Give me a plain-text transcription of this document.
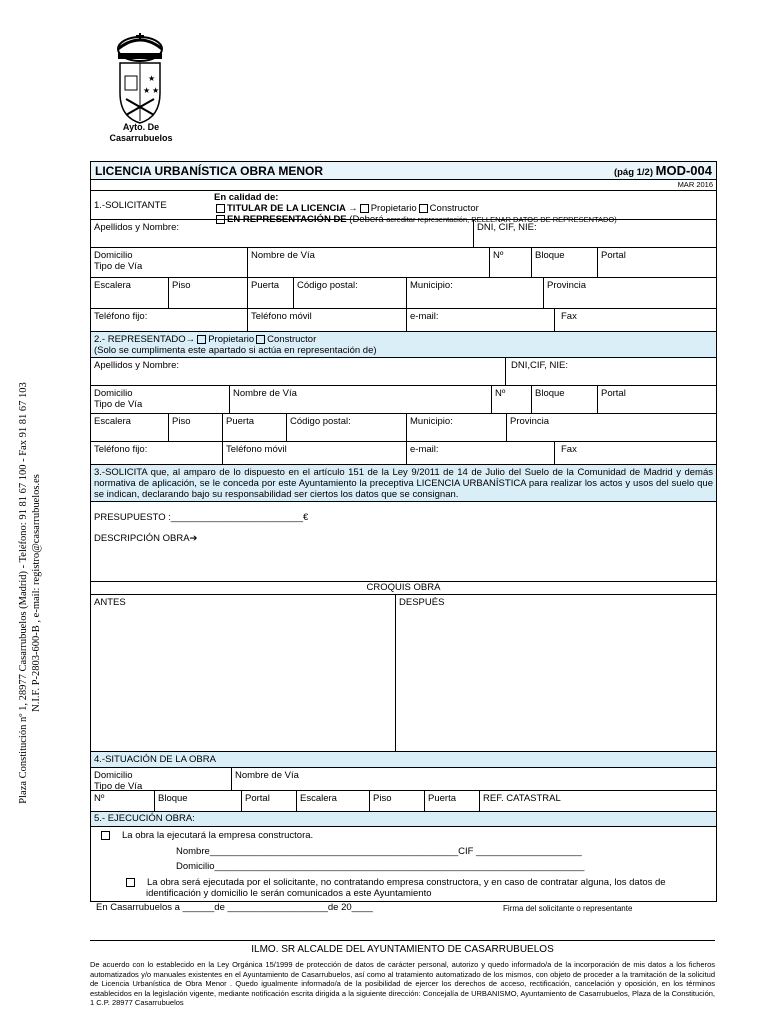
★
★ ★
Ayto. De
Casarrubuelos
Plaza Constitución nº 1, 28977 Casarrubuelos (Madrid) - Teléfono: 91 81 67 100 - Fax 91 81 67 103 N.I.F. P-2803-600-B , e-mail: registro@casarrubuelos.es
LICENCIA URBANÍSTICA OBRA MENOR	(pág 1/2) MOD-004
MAR 2016
1.-SOLICITANTE
En calidad de:
TITULAR DE LA LICENCIA → Propietario Constructor
EN REPRESENTACIÓN DE (Deberá acreditar representación, RELLENAR DATOS DE REPRESENTADO)
Apellidos y Nombre:	DNI, CIF, NIE:
Domicilio
Tipo de Vía
Nombre de Vía	Nº	Bloque	Portal
Escalera	Piso	Puerta	Código postal:	Municipio:	Provincia
Teléfono fijo:	Teléfono móvil	e-mail:	Fax
2.- REPRESENTADO→ Propietario Constructor
(Solo se cumplimenta este apartado si actúa en representación de)
Apellidos y Nombre:	DNI,CIF, NIE:
Domicilio
Tipo de Vía
Nombre de Vía	Nº	Bloque	Portal
Escalera	Piso	Puerta	Código postal:	Municipio:	Provincia
Teléfono fijo:	Teléfono móvil	e-mail:	Fax
3.-SOLICITA que, al amparo de lo dispuesto en el artículo 151 de la Ley 9/2011 de 14 de Julio del Suelo de la Comunidad de Madrid y demás normativa de aplicación, se le conceda por este Ayuntamiento la preceptiva LICENCIA URBANÍSTICA para realizar los actos y usos del suelo que se indican, declarando bajo su responsabilidad ser ciertos los datos que se consignan.
PRESUPUESTO :_________________________€
DESCRIPCIÓN OBRA➔
CROQUIS OBRA
ANTES	DESPUÉS
4.-SITUACIÓN DE LA OBRA
Domicilio
Tipo de Vía
Nombre de Vía
Nº	Bloque	Portal	Escalera	Piso	Puerta	REF. CATASTRAL
5.- EJECUCIÓN OBRA:
La obra la ejecutará la empresa constructora.
Nombre_______________________________________________CIF ____________________
Domicilio______________________________________________________________________
La obra será ejecutada por el solicitante, no contratando empresa constructora, y en caso de contratar alguna, los datos de identificación y domicilio le serán comunicados a este Ayuntamiento
En Casarrubuelos a ______de ___________________de 20____	Firma del solicitante o representante
ILMO. SR ALCALDE DEL AYUNTAMIENTO DE CASARRUBUELOS
De acuerdo con lo establecido en la Ley Orgánica 15/1999 de protección de datos de carácter personal, autorizo y quedo informado/a de la incorporación de mis datos a los ficheros automatizados y/o manuales existentes en el Ayuntamiento de Casarrubuelos, así como al tratamiento automatizado de los mismos, con objeto de proceder a la tramitación de la solicitud de Licencia Urbanística de Obra Menor . Quedo igualmente informado/a de la posibilidad de ejercer los derechos de acceso, rectificación, cancelación y oposición, en los términos establecidos en la legislación vigente, mediante notificación escrita dirigida a la siguiente dirección: Concejalía de URBANISMO, Ayuntamiento de Casarrubuelos, Plaza de la Constitución, 1 C.P. 28977 Casarrubuelos
